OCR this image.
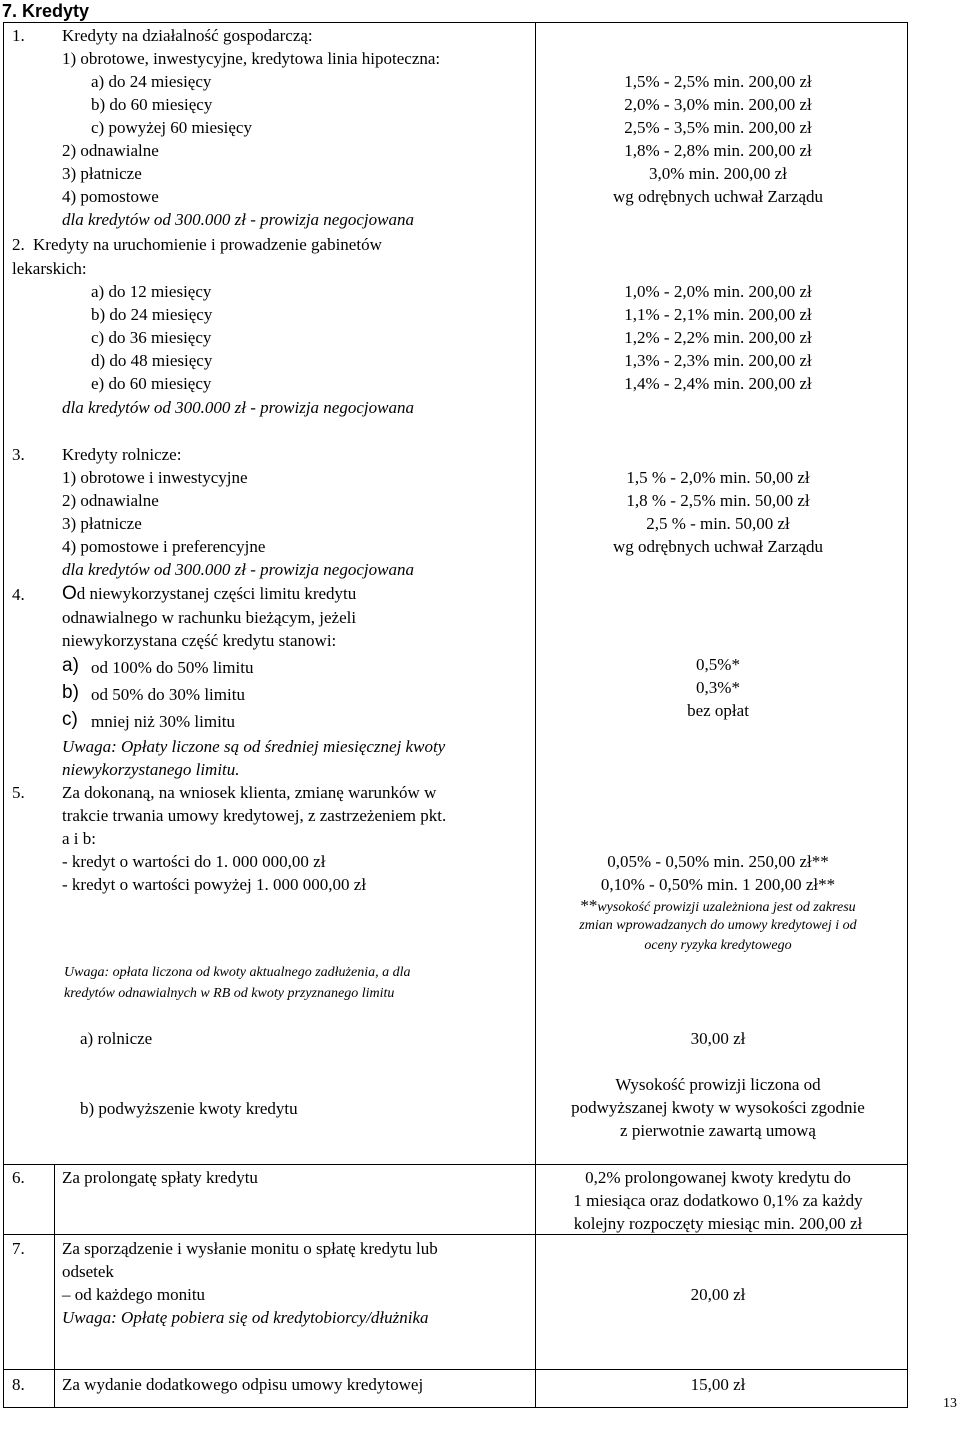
7. Kredyty
1. Kredyty na działalność gospodarczą:
1) obrotowe, inwestycyjne, kredytowa linia hipoteczna:
a) do 24 miesięcy
b) do 60 miesięcy
c) powyżej 60 miesięcy
2) odnawialne
3) płatnicze
4) pomostowe
dla kredytów od 300.000 zł - prowizja negocjowana
1,5% - 2,5% min. 200,00 zł
2,0% - 3,0% min. 200,00 zł
2,5% - 3,5% min. 200,00 zł
1,8% - 2,8% min. 200,00 zł
3,0% min. 200,00 zł
wg odrębnych uchwał Zarządu
2. Kredyty na uruchomienie i prowadzenie gabinetów
lekarskich:
a) do 12 miesięcy
b) do 24 miesięcy
c) do 36 miesięcy
d) do 48 miesięcy
e) do 60 miesięcy
dla kredytów od 300.000 zł - prowizja negocjowana
1,0% - 2,0% min. 200,00 zł
1,1% - 2,1% min. 200,00 zł
1,2% - 2,2% min. 200,00 zł
1,3% - 2,3% min. 200,00 zł
1,4% - 2,4% min. 200,00 zł
3. Kredyty rolnicze:
1) obrotowe i inwestycyjne
2) odnawialne
3) płatnicze
4) pomostowe i preferencyjne
dla kredytów od 300.000 zł - prowizja negocjowana
1,5 % - 2,0% min. 50,00 zł
1,8 % - 2,5% min. 50,00 zł
2,5 % - min. 50,00 zł
wg odrębnych uchwał Zarządu
4. Od niewykorzystanej części limitu kredytu
odnawialnego w rachunku bieżącym, jeżeli
niewykorzystana część kredytu stanowi:
a) od 100% do 50% limitu
b) od 50% do 30% limitu
c) mniej niż 30% limitu
Uwaga: Opłaty liczone są od średniej miesięcznej kwoty
niewykorzystanego limitu.
0,5%*
0,3%*
bez opłat
5. Za dokonaną, na wniosek klienta, zmianę warunków w
trakcie trwania umowy kredytowej, z zastrzeżeniem pkt.
a i b:
- kredyt o wartości do 1. 000 000,00 zł
- kredyt o wartości powyżej 1. 000 000,00 zł
Uwaga: opłata liczona od kwoty aktualnego zadłużenia, a dla
kredytów odnawialnych w RB od kwoty przyznanego limitu
a) rolnicze
b) podwyższenie kwoty kredytu
0,05% - 0,50% min. 250,00 zł**
0,10% - 0,50% min. 1 200,00 zł**
**wysokość prowizji uzależniona jest od zakresu
zmian wprowadzanych do umowy kredytowej i od
oceny ryzyka kredytowego
30,00 zł
Wysokość prowizji liczona od
podwyższanej kwoty w wysokości zgodnie
z pierwotnie zawartą umową
6. Za prolongatę spłaty kredytu	0,2% prolongowanej kwoty kredytu do
1 miesiąca oraz dodatkowo 0,1% za każdy
kolejny rozpoczęty miesiąc min. 200,00 zł
7. Za sporządzenie i wysłanie monitu o spłatę kredytu lub
odsetek
– od każdego monitu
Uwaga: Opłatę pobiera się od kredytobiorcy/dłużnika
20,00 zł
8. Za wydanie dodatkowego odpisu umowy kredytowej	15,00 zł
13
